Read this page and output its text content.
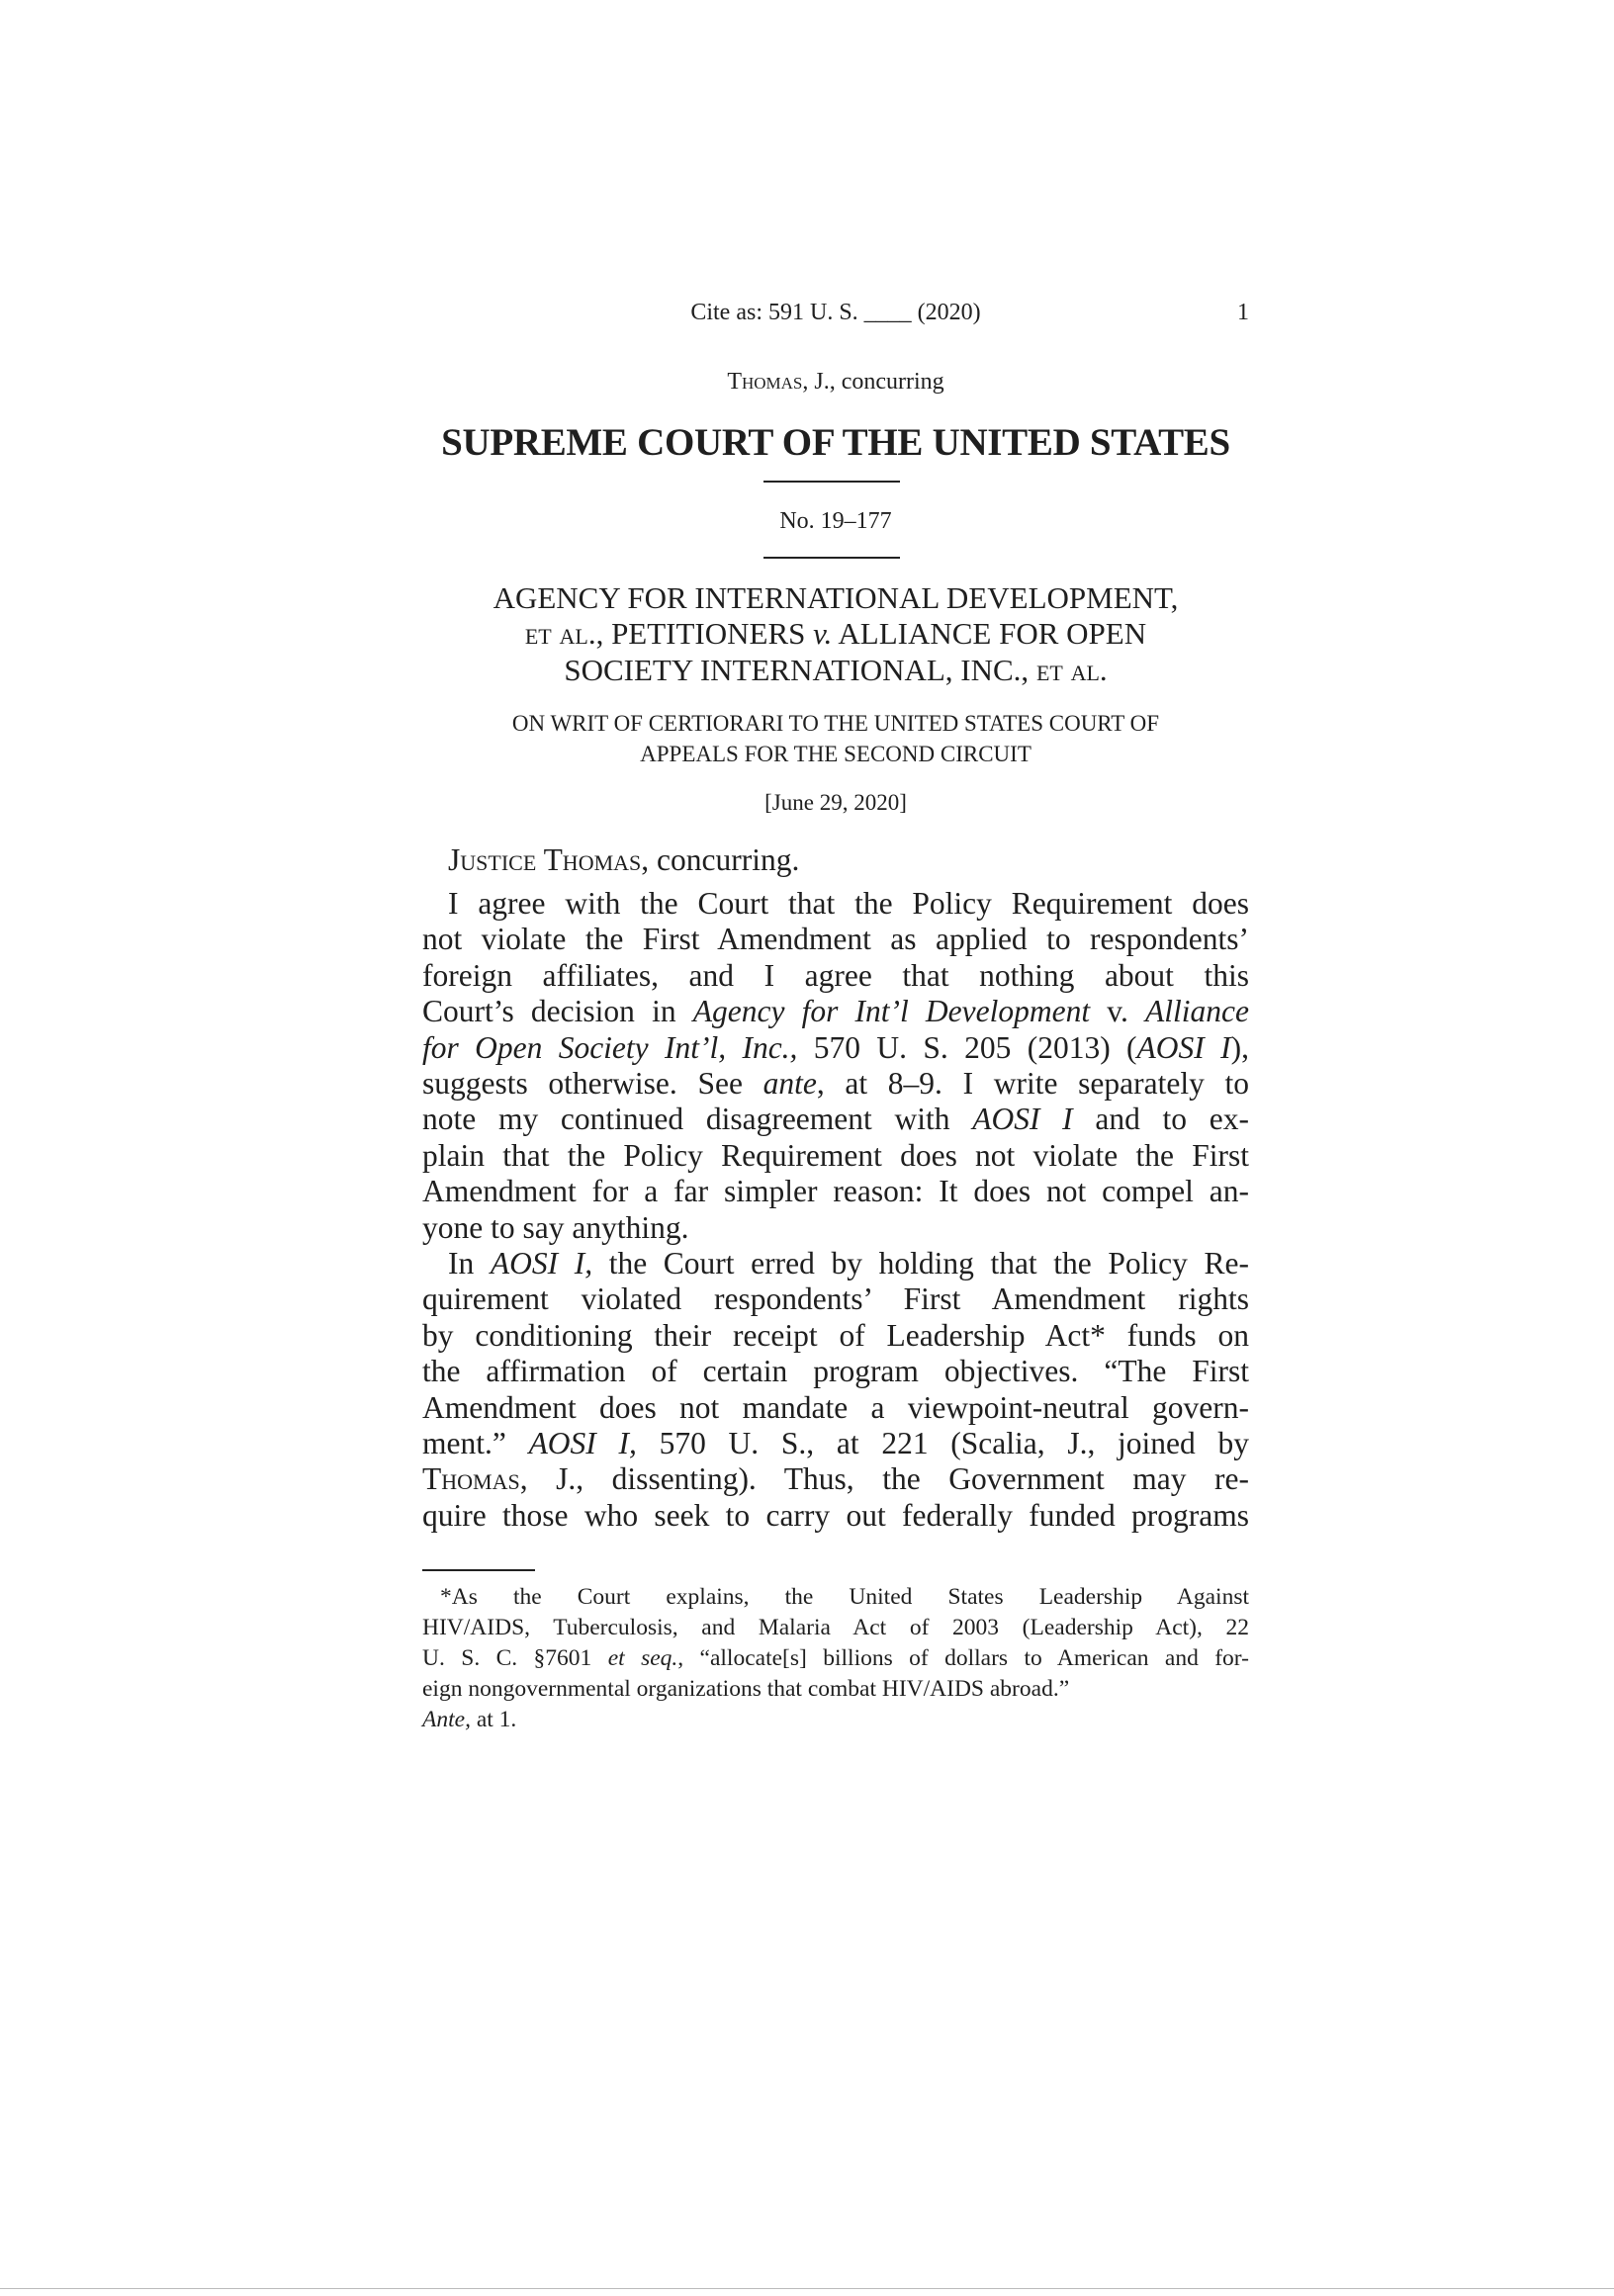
Cite as: 591 U. S. ____ (2020)	1
Thomas, J., concurring
SUPREME COURT OF THE UNITED STATES
No. 19–177
AGENCY FOR INTERNATIONAL DEVELOPMENT,
et al., PETITIONERS v. ALLIANCE FOR OPEN
SOCIETY INTERNATIONAL, INC., et al.
ON WRIT OF CERTIORARI TO THE UNITED STATES COURT OF
APPEALS FOR THE SECOND CIRCUIT
[June 29, 2020]
Justice Thomas, concurring.
I agree with the Court that the Policy Requirement does
not violate the First Amendment as applied to respondents’
foreign affiliates, and I agree that nothing about this
Court’s decision in Agency for Int’l Development v. Alliance
for Open Society Int’l, Inc., 570 U. S. 205 (2013) (AOSI I),
suggests otherwise. See ante, at 8–9. I write separately to
note my continued disagreement with AOSI I and to ex-
plain that the Policy Requirement does not violate the First
Amendment for a far simpler reason: It does not compel an-
yone to say anything.
In AOSI I, the Court erred by holding that the Policy Re-
quirement violated respondents’ First Amendment rights
by conditioning their receipt of Leadership Act* funds on
the affirmation of certain program objectives. “The First
Amendment does not mandate a viewpoint-neutral govern-
ment.” AOSI I, 570 U. S., at 221 (Scalia, J., joined by
Thomas, J., dissenting). Thus, the Government may re-
quire those who seek to carry out federally funded programs
*As the Court explains, the United States Leadership Against
HIV/AIDS, Tuberculosis, and Malaria Act of 2003 (Leadership Act), 22
U. S. C. §7601 et seq., “allocate[s] billions of dollars to American and for-
eign nongovernmental organizations that combat HIV/AIDS abroad.”
Ante, at 1.
